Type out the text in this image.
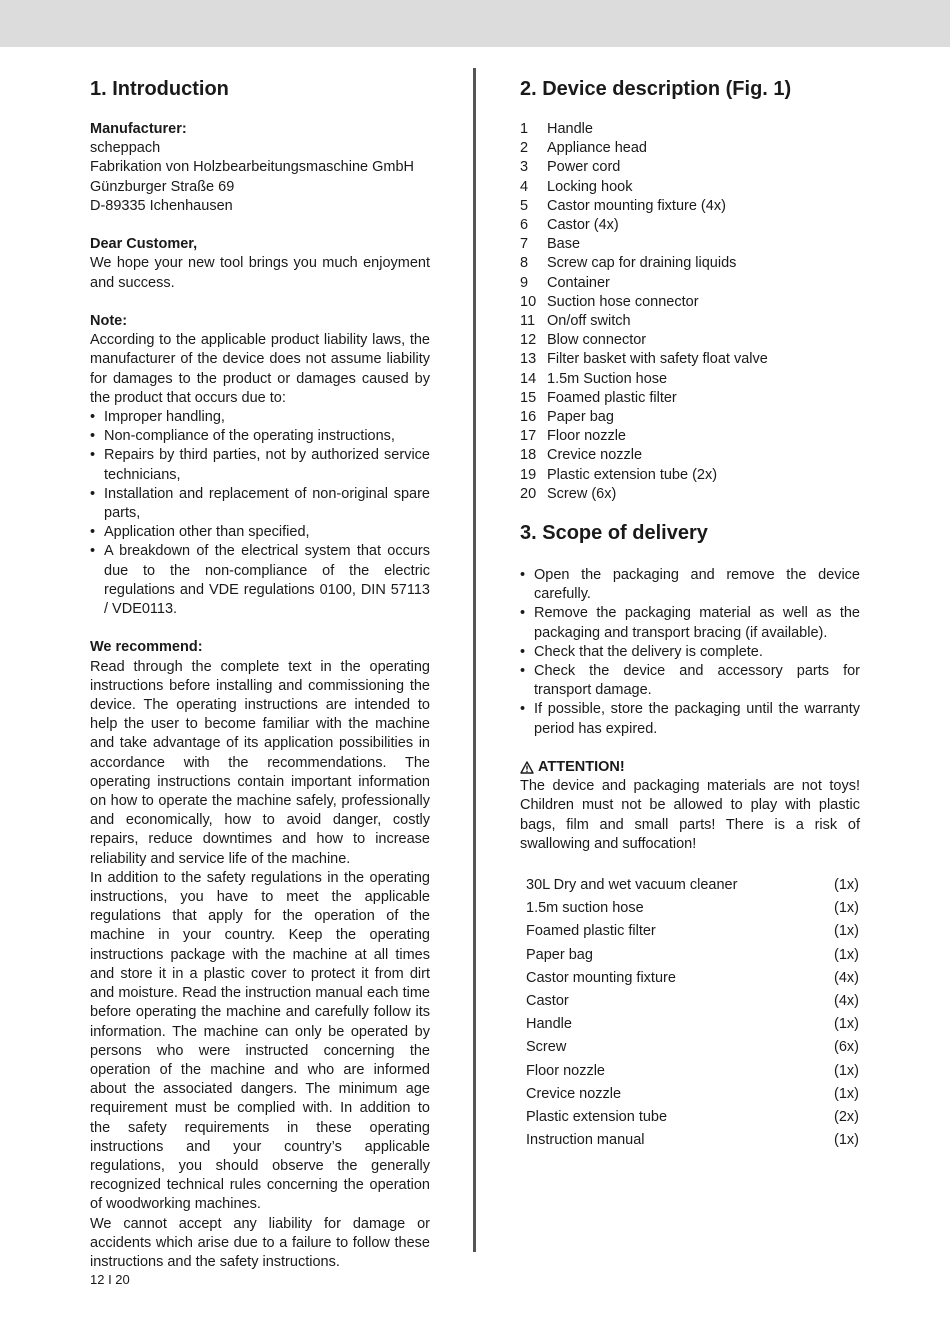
1. Introduction

Manufacturer:

scheppach

Fabrikation von Holzbearbeitungsmaschine GmbH

Günzburger Straße 69

D-89335 Ichenhausen

Dear Customer,

We hope your new tool brings you much enjoyment and success.

Note:

According to the applicable product liability laws, the manufacturer of the device does not assume liability for damages to the product or damages caused by the product that occurs due to:

• Improper handling,
• Non-compliance of the operating instructions,
• Repairs by third parties, not by authorized service technicians,
• Installation and replacement of non-original spare parts,
• Application other than specified,
• A breakdown of the electrical system that occurs due to the non-compliance of the electric regulations and VDE regulations 0100, DIN 57113 / VDE0113.

We recommend:

Read through the complete text in the operating instructions before installing and commissioning the device. The operating instructions are intended to help the user to become familiar with the machine and take advantage of its application possibilities in accordance with the recommendations. The operating instructions contain important information on how to operate the machine safely, professionally and economically, how to avoid danger, costly repairs, reduce downtimes and how to increase reliability and service life of the machine.

In addition to the safety regulations in the operating instructions, you have to meet the applicable regulations that apply for the operation of the machine in your country. Keep the operating instructions package with the machine at all times and store it in a plastic cover to protect it from dirt and moisture. Read the instruction manual each time before operating the machine and carefully follow its information. The machine can only be operated by persons who were instructed concerning the operation of the machine and who are informed about the associated dangers. The minimum age requirement must be complied with. In addition to the safety requirements in these operating instructions and your country’s applicable regulations, you should observe the generally recognized technical rules concerning the operation of woodworking machines.

We cannot accept any liability for damage or accidents which arise due to a failure to follow these instructions and the safety instructions.

2. Device description (Fig. 1)
1	Handle
2	Appliance head
3	Power cord
4	Locking hook
5	Castor mounting fixture (4x)
6	Castor (4x)
7	Base
8	Screw cap for draining liquids
9	Container
10 Suction hose connector
11 On/off switch
12 Blow connector
13 Filter basket with safety float valve
14 1.5m Suction hose
15 Foamed plastic filter
16 Paper bag
17 Floor nozzle
18 Crevice nozzle
19 Plastic extension tube (2x)
20 Screw (6x)
3. Scope of delivery
• Open the packaging and remove the device carefully.
• Remove the packaging material as well as the packaging and transport bracing (if available).
• Check that the delivery is complete.
• Check the device and accessory parts for transport damage.
• If possible, store the packaging until the warranty period has expired.

ATTENTION!

The device and packaging materials are not toys! Children must not be allowed to play with plastic bags, film and small parts! There is a risk of swallowing and suffocation!

30L Dry and wet vacuum cleaner	(1x)
1.5m suction hose	(1x)
Foamed plastic filter	(1x)
Paper bag	(1x)
Castor mounting fixture	(4x)
Castor	(4x)
Handle	(1x)
Screw	(6x)
Floor nozzle	(1x)
Crevice nozzle	(1x)
Plastic extension tube	(2x)
Instruction manual	(1x)
12 I 20
